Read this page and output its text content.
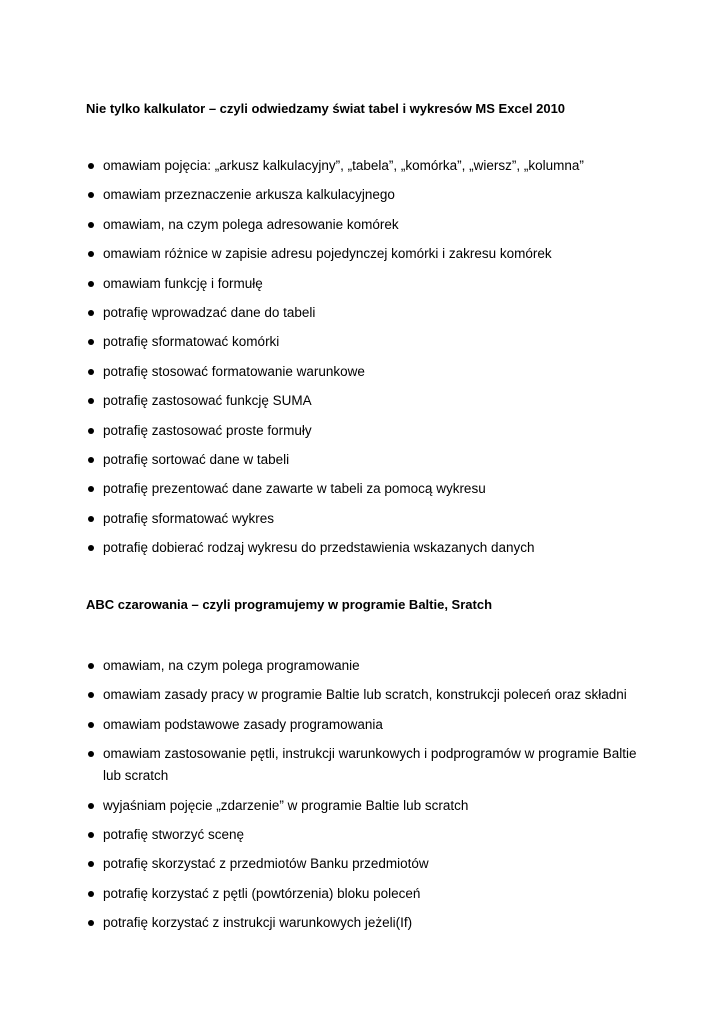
Nie tylko kalkulator – czyli odwiedzamy świat tabel i wykresów MS Excel 2010
omawiam pojęcia: „arkusz kalkulacyjny”, „tabela”, „komórka”, „wiersz”, „kolumna”
omawiam przeznaczenie arkusza kalkulacyjnego
omawiam, na czym polega adresowanie komórek
omawiam różnice w zapisie adresu pojedynczej komórki i zakresu komórek
omawiam funkcję i formułę
potrafię wprowadzać dane do tabeli
potrafię sformatować komórki
potrafię stosować formatowanie warunkowe
potrafię zastosować funkcję SUMA
potrafię zastosować proste formuły
potrafię sortować dane w tabeli
potrafię prezentować dane zawarte w tabeli za pomocą wykresu
potrafię sformatować wykres
potrafię dobierać rodzaj wykresu do przedstawienia wskazanych danych
ABC czarowania – czyli programujemy w programie Baltie, Sratch
omawiam, na czym polega programowanie
omawiam zasady pracy w programie Baltie lub scratch, konstrukcji poleceń oraz składni
omawiam podstawowe zasady programowania
omawiam zastosowanie pętli, instrukcji warunkowych i podprogramów w programie Baltie lub scratch
wyjaśniam pojęcie „zdarzenie” w programie Baltie lub scratch
potrafię stworzyć scenę
potrafię skorzystać z przedmiotów Banku przedmiotów
potrafię korzystać z pętli (powtórzenia) bloku poleceń
potrafię korzystać z instrukcji warunkowych jeżeli(If)
